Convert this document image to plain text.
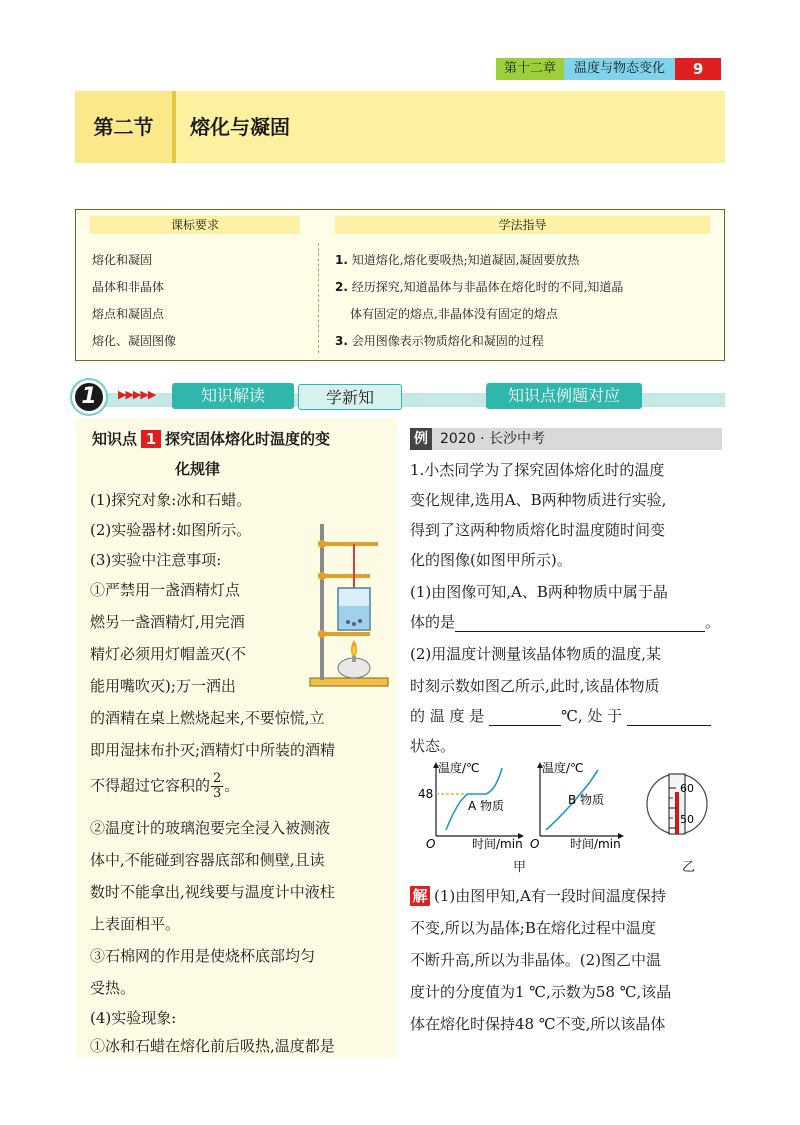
第十二章	温度与物态变化	9
第二节	熔化与凝固
课标要求	学法指导
熔化和凝固
晶体和非晶体
熔点和凝固点
熔化、凝固图像
1. 知道熔化,熔化要吸热;知道凝固,凝固要放热
2. 经历探究,知道晶体与非晶体在熔化时的不同,知道晶
体有固定的熔点,非晶体没有固定的熔点
3. 会用图像表示物质熔化和凝固的过程
1	▶▶▶▶▶	知识解读	学新知	知识点例题对应
知识点 1 探究固体熔化时温度的变
化规律
(1)探究对象:冰和石蜡。
(2)实验器材:如图所示。
(3)实验中注意事项:
①严禁用一盏酒精灯点
燃另一盏酒精灯,用完酒
精灯必须用灯帽盖灭(不
能用嘴吹灭);万一洒出
的酒精在桌上燃烧起来,不要惊慌,立
即用湿抹布扑灭;酒精灯中所装的酒精
不得超过它容积的 $\frac{2}{3}$ 。
②温度计的玻璃泡要完全浸入被测液
体中,不能碰到容器底部和侧壁,且读
数时不能拿出,视线要与温度计中液柱
上表面相平。
③石棉网的作用是使烧杯底部均匀
受热。
(4)实验现象:
①冰和石蜡在熔化前后吸热,温度都是
例 2020 · 长沙中考
1.小杰同学为了探究固体熔化时的温度
变化规律,选用A、B两种物质进行实验,
得到了这两种物质熔化时温度随时间变
化的图像(如图甲所示)。
(1)由图像可知,A、B两种物质中属于晶
体的是	。
(2)用温度计测量该晶体物质的温度,某
时刻示数如图乙所示,此时,该晶体物质
的 温 度 是	℃, 处 于
状态。
温度/℃
48
A 物质
O	时间/min
温度/℃
B 物质
O	时间/min
60
50
甲	乙
解 (1)由图甲知,A有一段时间温度保持
不变,所以为晶体;B在熔化过程中温度
不断升高,所以为非晶体。(2)图乙中温
度计的分度值为1 ℃,示数为58 ℃,该晶
体在熔化时保持48 ℃不变,所以该晶体
